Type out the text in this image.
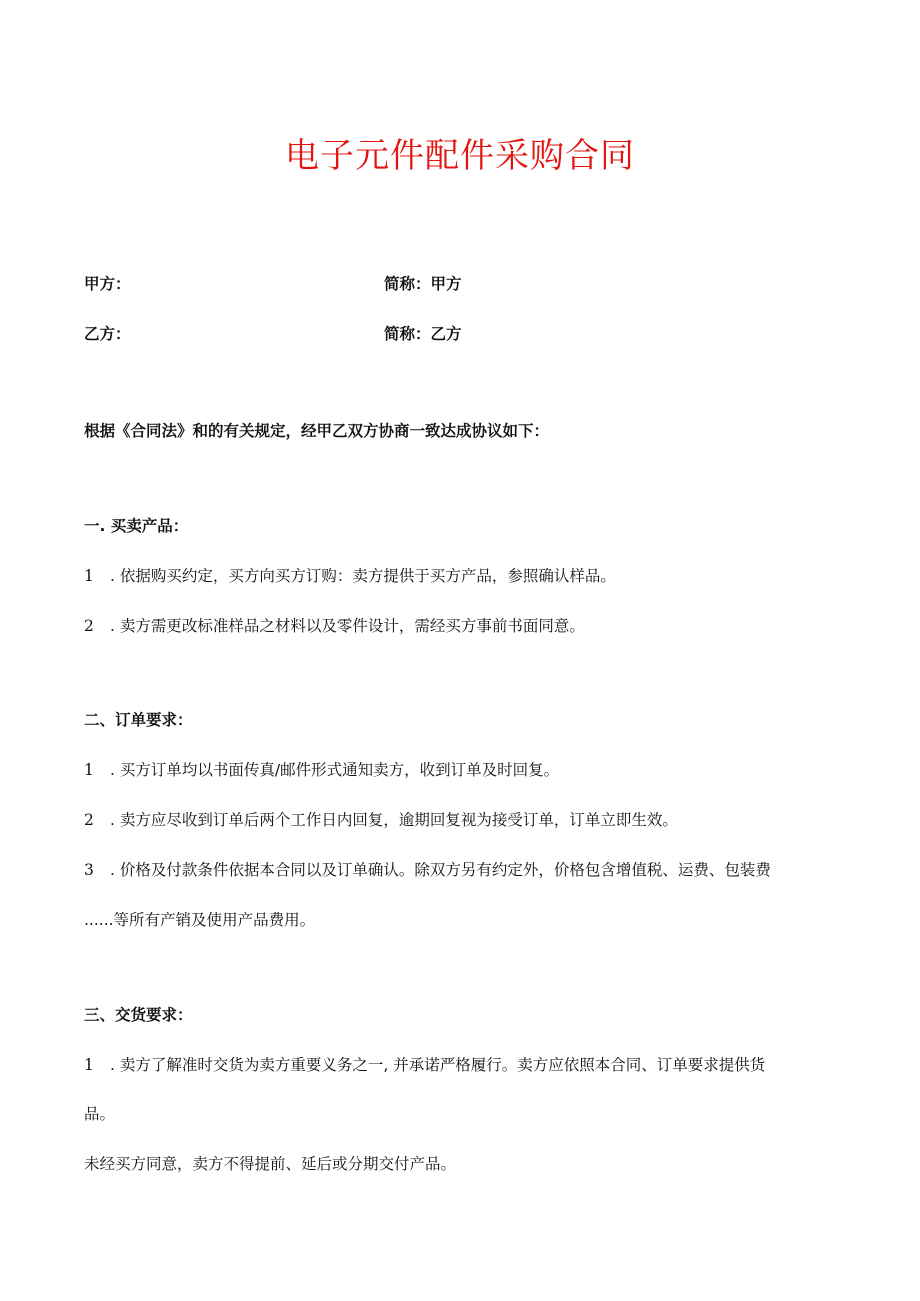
电子元件配件采购合同
甲方：	简称：甲方
乙方：	简称：乙方
根据《合同法》和的有关规定，经甲乙双方协商一致达成协议如下：
一. 买卖产品：
1 . 依据购买约定，买方向买方订购：卖方提供于买方产品，参照确认样品。
2 . 卖方需更改标准样品之材料以及零件设计，需经买方事前书面同意。
二、订单要求：
1 . 买方订单均以书面传真/邮件形式通知卖方，收到订单及时回复。
2 . 卖方应尽收到订单后两个工作日内回复，逾期回复视为接受订单，订单立即生效。
3 . 价格及付款条件依据本合同以及订单确认。除双方另有约定外，价格包含增值税、运费、包装费
......等所有产销及使用产品费用。
三、交货要求：
1 . 卖方了解准时交货为卖方重要义务之一, 并承诺严格履行。卖方应依照本合同、订单要求提供货
品。
未经买方同意，卖方不得提前、延后或分期交付产品。
